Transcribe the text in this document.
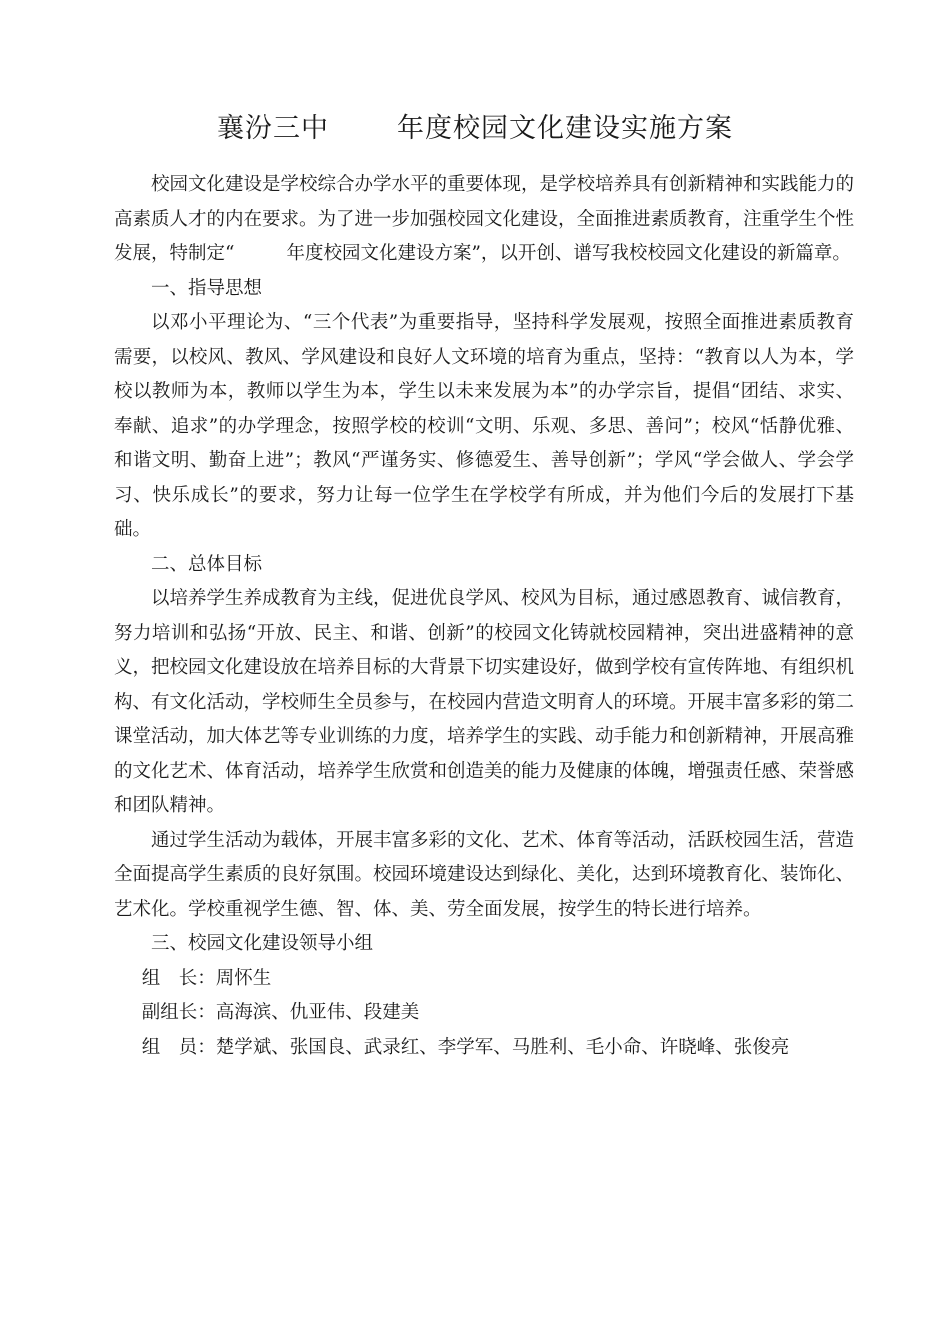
襄汾三中	年度校园文化建设实施方案

校园文化建设是学校综合办学水平的重要体现，是学校培养具有创新精神和实践能力的高素质人才的内在要求。为了进一步加强校园文化建设，全面推进素质教育，注重学生个性发展，特制定“	年度校园文化建设方案”，以开创、谱写我校校园文化建设的新篇章。

一、指导思想

以邓小平理论为、“三个代表”为重要指导，坚持科学发展观，按照全面推进素质教育需要，以校风、教风、学风建设和良好人文环境的培育为重点，坚持：“教育以人为本，学校以教师为本，教师以学生为本，学生以未来发展为本”的办学宗旨，提倡“团结、求实、奉献、追求”的办学理念，按照学校的校训“文明、乐观、多思、善问”；校风“恬静优雅、和谐文明、勤奋上进”；教风“严谨务实、修德爱生、善导创新”；学风“学会做人、学会学习、快乐成长”的要求，努力让每一位学生在学校学有所成，并为他们今后的发展打下基础。

二、总体目标

以培养学生养成教育为主线，促进优良学风、校风为目标，通过感恩教育、诚信教育，努力培训和弘扬“开放、民主、和谐、创新”的校园文化铸就校园精神，突出进盛精神的意义，把校园文化建设放在培养目标的大背景下切实建设好，做到学校有宣传阵地、有组织机构、有文化活动，学校师生全员参与，在校园内营造文明育人的环境。开展丰富多彩的第二课堂活动，加大体艺等专业训练的力度，培养学生的实践、动手能力和创新精神，开展高雅的文化艺术、体育活动，培养学生欣赏和创造美的能力及健康的体魄，增强责任感、荣誉感和团队精神。

通过学生活动为载体，开展丰富多彩的文化、艺术、体育等活动，活跃校园生活，营造全面提高学生素质的良好氛围。校园环境建设达到绿化、美化，达到环境教育化、装饰化、艺术化。学校重视学生德、智、体、美、劳全面发展，按学生的特长进行培养。

三、校园文化建设领导小组

组　长：周怀生

副组长：高海滨、仇亚伟、段建美

组　员：楚学斌、张国良、武录红、李学军、马胜利、毛小命、许晓峰、张俊亮
